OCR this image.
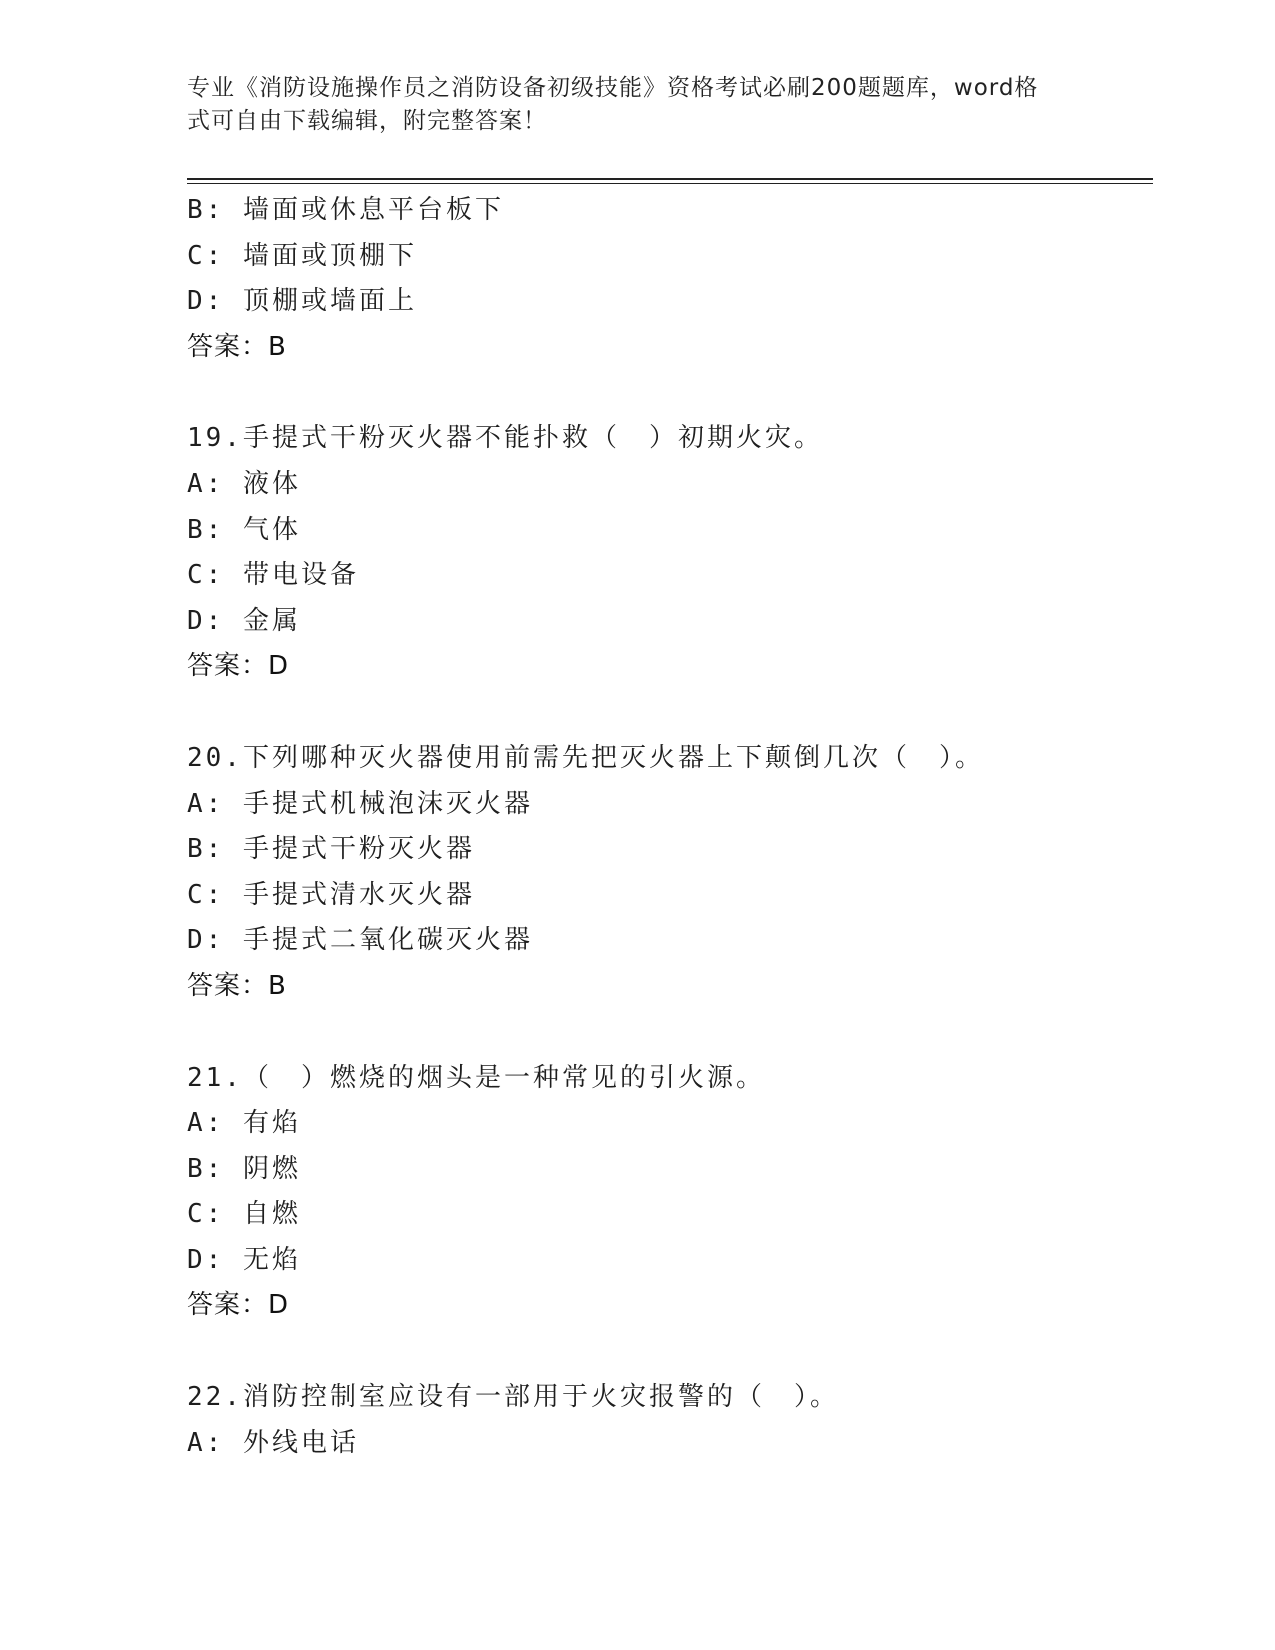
专业《消防设施操作员之消防设备初级技能》资格考试必刷200题题库，word格
式可自由下载编辑，附完整答案！
B: 墙面或休息平台板下
C: 墙面或顶棚下
D: 顶棚或墙面上
答案：B
19.手提式干粉灭火器不能扑救（　）初期火灾。
A: 液体
B: 气体
C: 带电设备
D: 金属
答案：D
20.下列哪种灭火器使用前需先把灭火器上下颠倒几次（　）。
A: 手提式机械泡沫灭火器
B: 手提式干粉灭火器
C: 手提式清水灭火器
D: 手提式二氧化碳灭火器
答案：B
21.（　）燃烧的烟头是一种常见的引火源。
A: 有焰
B: 阴燃
C: 自燃
D: 无焰
答案：D
22.消防控制室应设有一部用于火灾报警的（　）。
A: 外线电话
